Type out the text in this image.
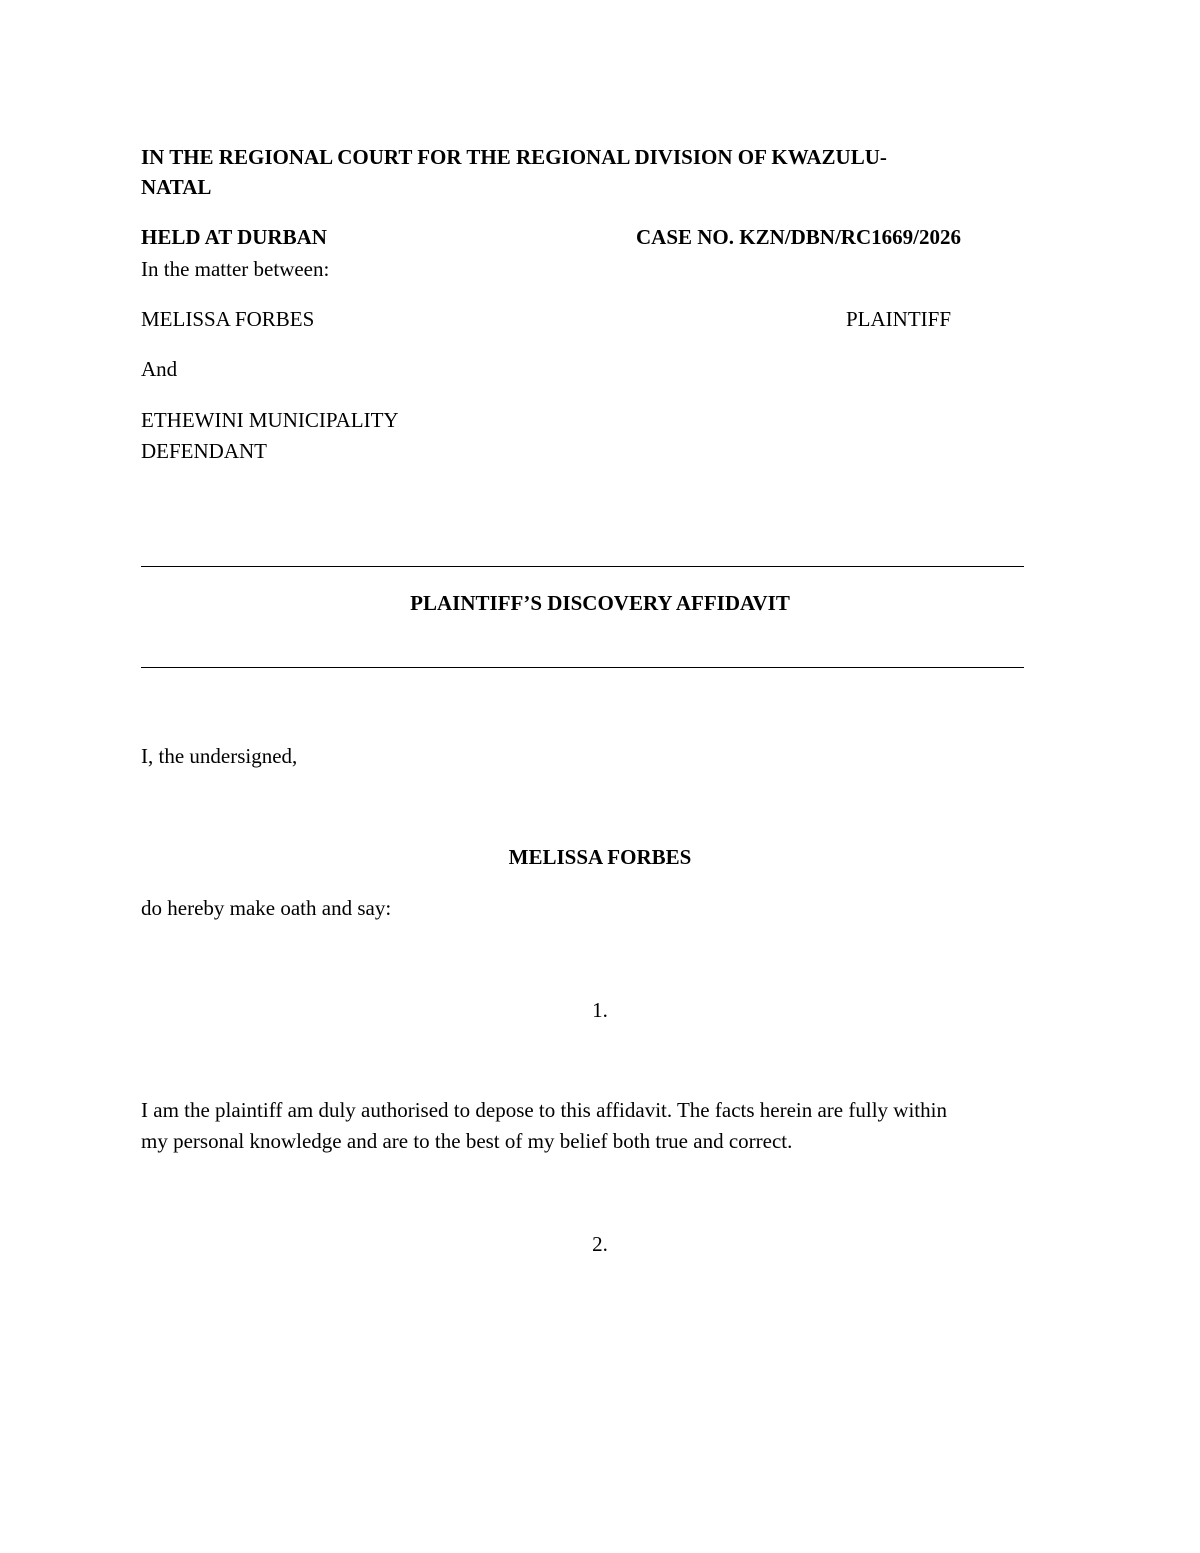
IN THE REGIONAL COURT FOR THE REGIONAL DIVISION OF KWAZULU-
NATAL
HELD AT DURBAN	CASE NO. KZN/DBN/RC1669/2026
In the matter between:
MELISSA FORBES	PLAINTIFF
And
ETHEWINI MUNICIPALITY
DEFENDANT
PLAINTIFF’S DISCOVERY AFFIDAVIT
I, the undersigned,
MELISSA FORBES
do hereby make oath and say:
1.
I am the plaintiff am duly authorised to depose to this affidavit. The facts herein are fully within
my personal knowledge and are to the best of my belief both true and correct.
2.
